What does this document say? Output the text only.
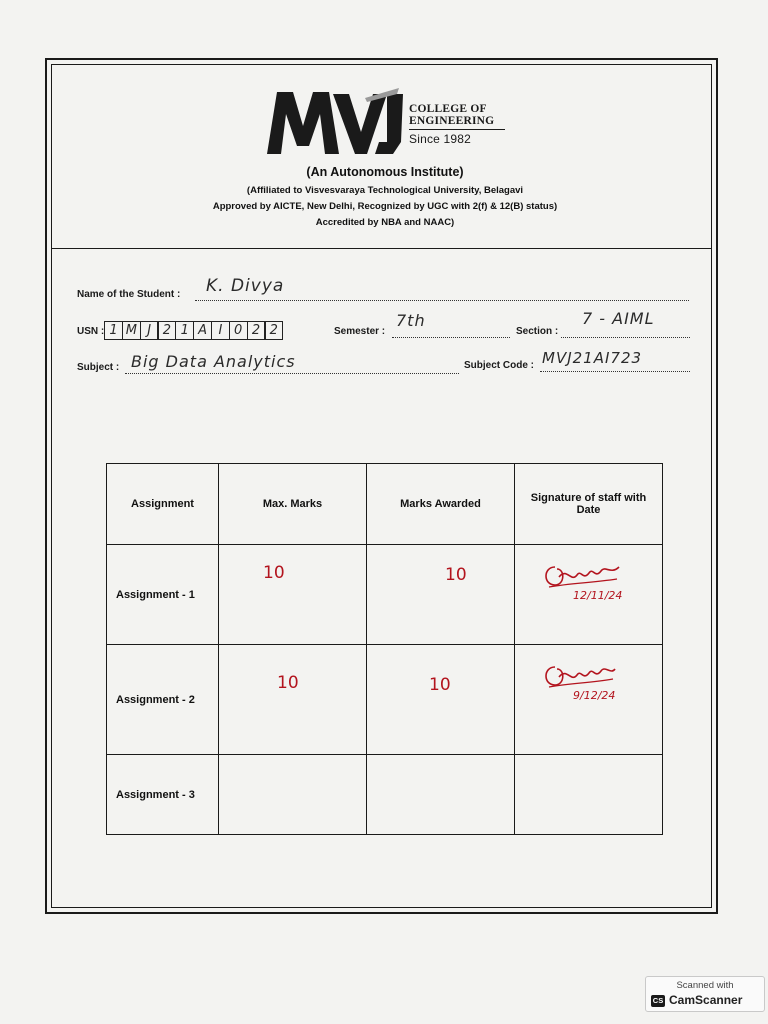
COLLEGE OF
ENGINEERING
Since 1982
(An Autonomous Institute)
(Affiliated to Visvesvaraya Technological University, Belagavi
Approved by AICTE, New Delhi, Recognized by UGC with 2(f) & 12(B) status)
Accredited by NBA and NAAC)
Name of the Student : K. Divya
USN : 1 M J 2 1 A I 0 2 2	Semester :
7th
Section :
7 - AIML
Subject : Big Data Analytics	Subject Code : MVJ21AI723
Assignment	Max. Marks	Marks Awarded	Signature of staff with Date
Assignment - 1	10	10	12/11/24

Assignment - 2	10	10	9/12/24

Assignment - 3			
Scanned with
CS CamScanner
